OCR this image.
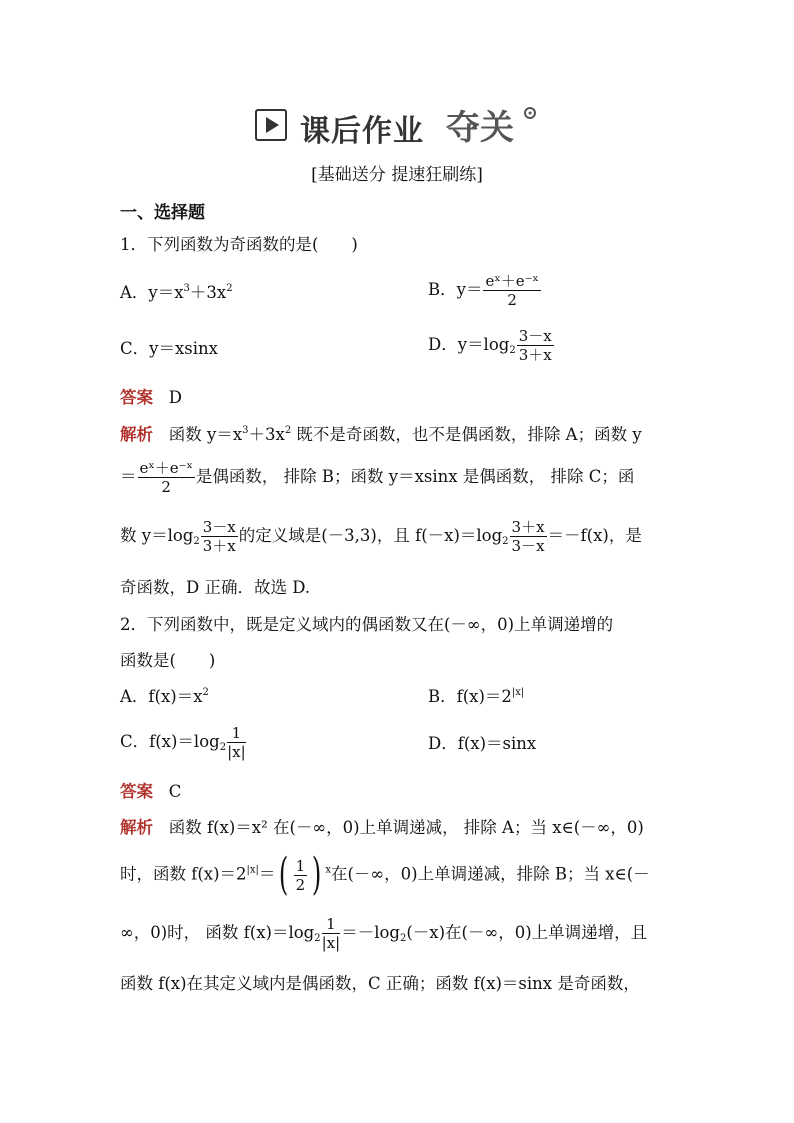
课后作业 夺关
[基础送分 提速狂刷练]
一、选择题
1．下列函数为奇函数的是(　　)
A．$y=x^3+3x^2$	B．$y= \frac{\text{eˣ＋e⁻ˣ}}{2}$
C．y＝xsinx	D．$y=\log_2 \frac{3-x}{3+x}$
答案 D
解析 函数 $y=x^3+3x^2$ 既不是奇函数，也不是偶函数，排除 A；函数 y
＝ $\frac{\text{eˣ＋e⁻ˣ}}{2}$ 是偶函数， 排除 B；函数 y＝xsinx 是偶函数， 排除 C；函
数 $y=\log_2 \frac{3-x}{3+x}$ 的定义域是(－3,3)，且 $f(-x)=\log_2 \frac{3+x}{3-x} =-f(x)$，是
奇函数，D 正确．故选 D.
2．下列函数中，既是定义域内的偶函数又在(－∞，0)上单调递增的
函数是(　　)
A．$f(x)=x^2$	B．$f(x)=2^{|x|}$
C．$f(x)=\log_2 \frac{1}{|x|}$	D．f(x)＝sinx
答案 C
解析 函数 f(x)＝x² 在(－∞，0)上单调递减， 排除 A；当 x∈(－∞，0)
时，函数 $f(x)=2^{|x|}=( \frac{1}{2}$ ) $^x$在(－∞，0)上单调递减，排除 B；当 x∈(－
∞，0)时， 函数 $f(x)=\log_2 \frac{1}{|x|} =-\log_2(-x)$在(－∞，0)上单调递增，且
函数 f(x)在其定义域内是偶函数，C 正确；函数 f(x)＝sinx 是奇函数，
